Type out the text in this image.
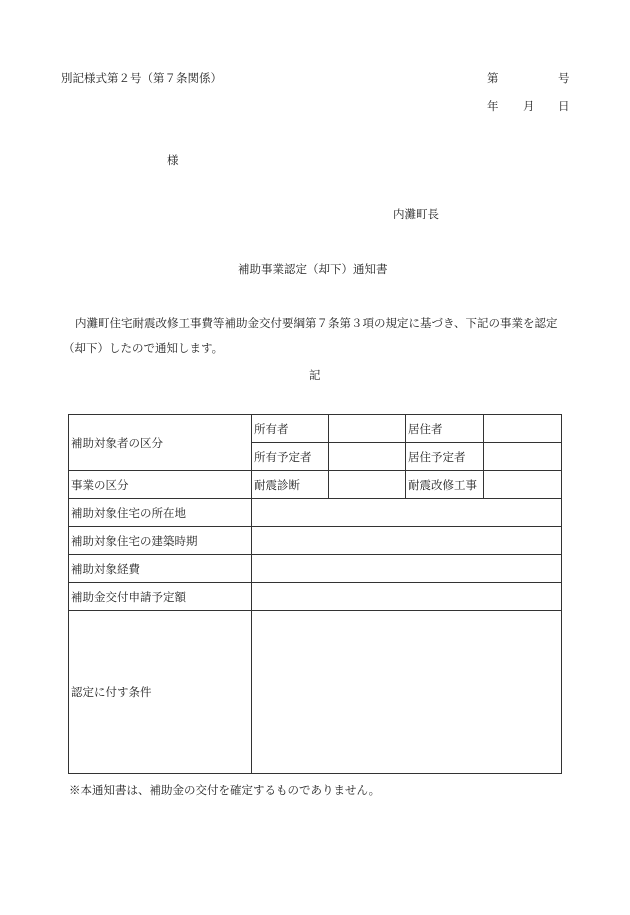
別記様式第２号（第７条関係）	第	号
年 月 日
様
内灘町長
補助事業認定（却下）通知書
内灘町住宅耐震改修工事費等補助金交付要綱第７条第３項の規定に基づき、下記の事業を認定
（却下）したので通知します。
記
補助対象者の区分	所有者		居住者	
	所有予定者		居住予定者	
事業の区分	耐震診断		耐震改修工事	
補助対象住宅の所在地				
補助対象住宅の建築時期				
補助対象経費				
補助金交付申請予定額				
認定に付す条件				
※本通知書は、補助金の交付を確定するものでありません。
